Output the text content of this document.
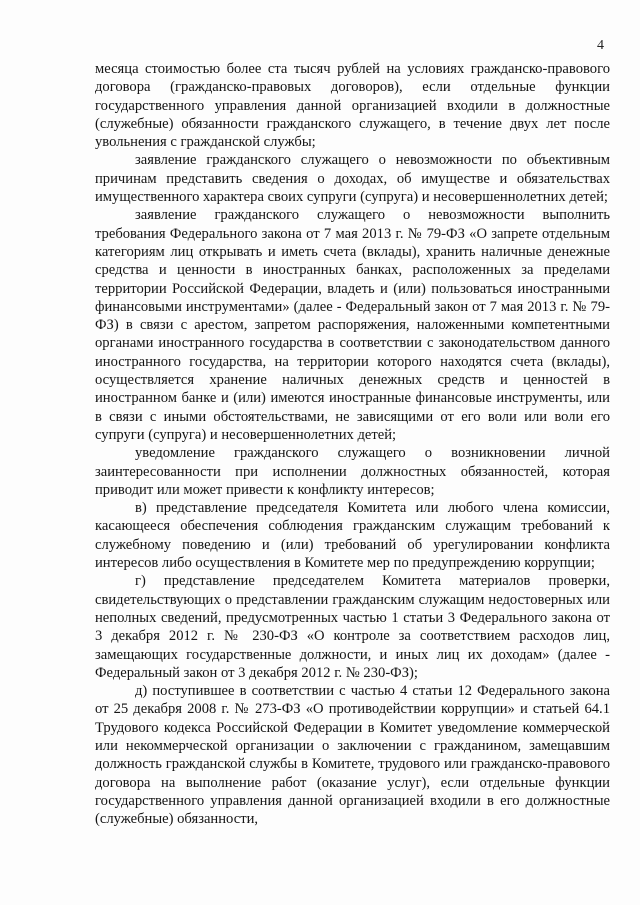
4

месяца стоимостью более ста тысяч рублей на условиях гражданско-правового договора (гражданско-правовых договоров), если отдельные функции государственного управления данной организацией входили в должностные (служебные) обязанности гражданского служащего, в течение двух лет после увольнения с гражданской службы;

заявление гражданского служащего о невозможности по объективным причинам представить сведения о доходах, об имуществе и обязательствах имущественного характера своих супруги (супруга) и несовершеннолетних детей;

заявление гражданского служащего о невозможности выполнить требования Федерального закона от 7 мая 2013 г. № 79-ФЗ «О запрете отдельным категориям лиц открывать и иметь счета (вклады), хранить наличные денежные средства и ценности в иностранных банках, расположенных за пределами территории Российской Федерации, владеть и (или) пользоваться иностранными финансовыми инструментами» (далее - Федеральный закон от 7 мая 2013 г. № 79-ФЗ) в связи с арестом, запретом распоряжения, наложенными компетентными органами иностранного государства в соответствии с законодательством данного иностранного государства, на территории которого находятся счета (вклады), осуществляется хранение наличных денежных средств и ценностей в иностранном банке и (или) имеются иностранные финансовые инструменты, или в связи с иными обстоятельствами, не зависящими от его воли или воли его супруги (супруга) и несовершеннолетних детей;

уведомление гражданского служащего о возникновении личной заинтересованности при исполнении должностных обязанностей, которая приводит или может привести к конфликту интересов;

в) представление председателя Комитета или любого члена комиссии, касающееся обеспечения соблюдения гражданским служащим требований к служебному поведению и (или) требований об урегулировании конфликта интересов либо осуществления в Комитете мер по предупреждению коррупции;

г) представление председателем Комитета материалов проверки, свидетельствующих о представлении гражданским служащим недостоверных или неполных сведений, предусмотренных частью 1 статьи 3 Федерального закона от 3 декабря 2012 г. № 230-ФЗ «О контроле за соответствием расходов лиц, замещающих государственные должности, и иных лиц их доходам» (далее - Федеральный закон от 3 декабря 2012 г. № 230-ФЗ);

д) поступившее в соответствии с частью 4 статьи 12 Федерального закона от 25 декабря 2008 г. № 273-ФЗ «О противодействии коррупции» и статьей 64.1 Трудового кодекса Российской Федерации в Комитет уведомление коммерческой или некоммерческой организации о заключении с гражданином, замещавшим должность гражданской службы в Комитете, трудового или гражданско-правового договора на выполнение работ (оказание услуг), если отдельные функции государственного управления данной организацией входили в его должностные (служебные) обязанности,
